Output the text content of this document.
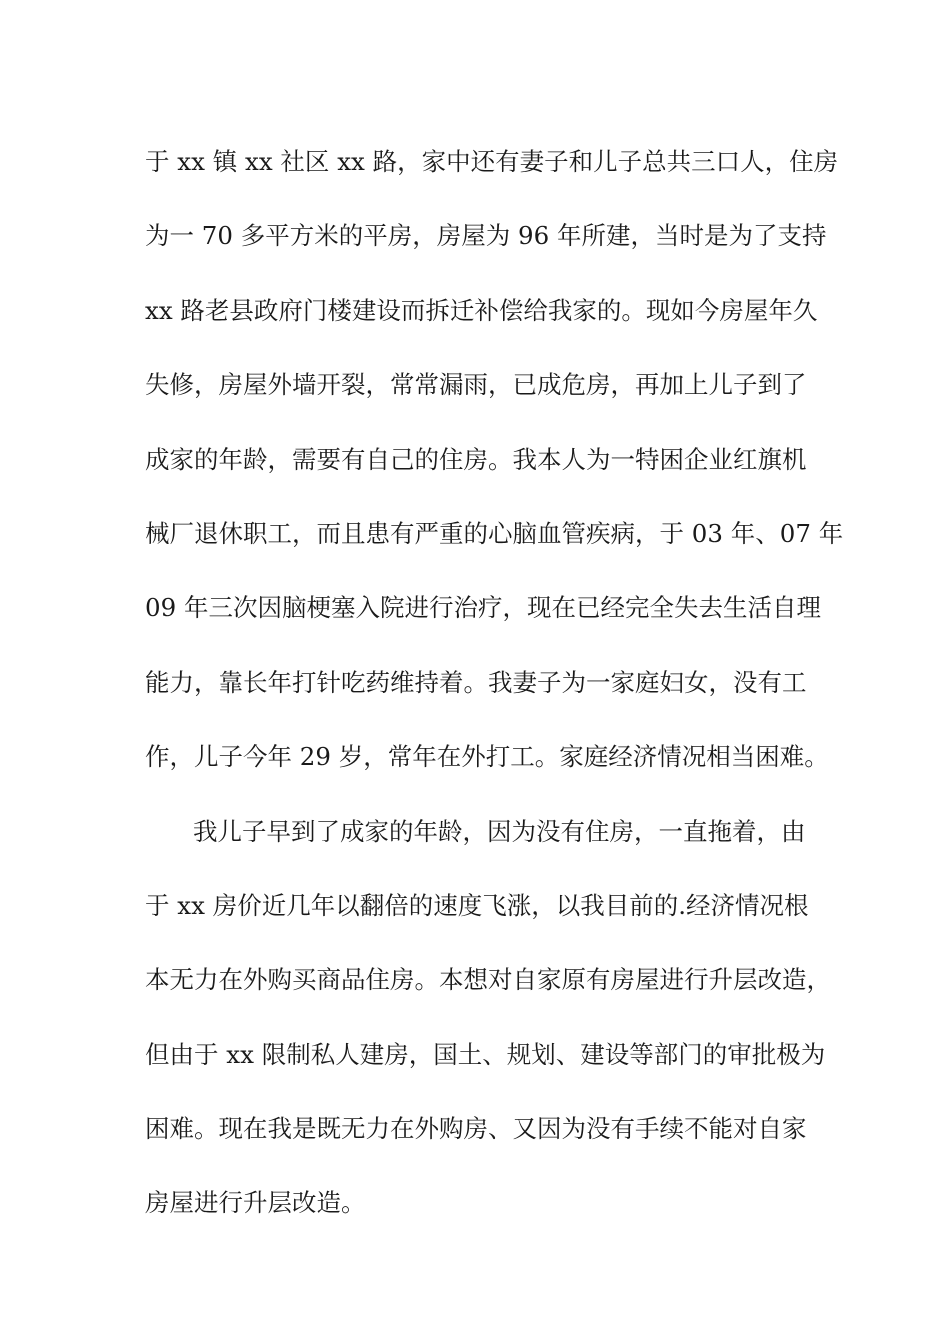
于 xx 镇 xx 社区 xx 路，家中还有妻子和儿子总共三口人，住房
为一 70 多平方米的平房，房屋为 96 年所建，当时是为了支持
xx 路老县政府门楼建设而拆迁补偿给我家的。现如今房屋年久
失修，房屋外墙开裂，常常漏雨，已成危房，再加上儿子到了
成家的年龄，需要有自己的住房。我本人为一特困企业红旗机
械厂退休职工，而且患有严重的心脑血管疾病，于 03 年、07 年
09 年三次因脑梗塞入院进行治疗，现在已经完全失去生活自理
能力，靠长年打针吃药维持着。我妻子为一家庭妇女，没有工
作，儿子今年 29 岁，常年在外打工。家庭经济情况相当困难。
我儿子早到了成家的年龄，因为没有住房，一直拖着，由
于 xx 房价近几年以翻倍的速度飞涨，以我目前的.经济情况根
本无力在外购买商品住房。本想对自家原有房屋进行升层改造，
但由于 xx 限制私人建房，国土、规划、建设等部门的审批极为
困难。现在我是既无力在外购房、又因为没有手续不能对自家
房屋进行升层改造。
